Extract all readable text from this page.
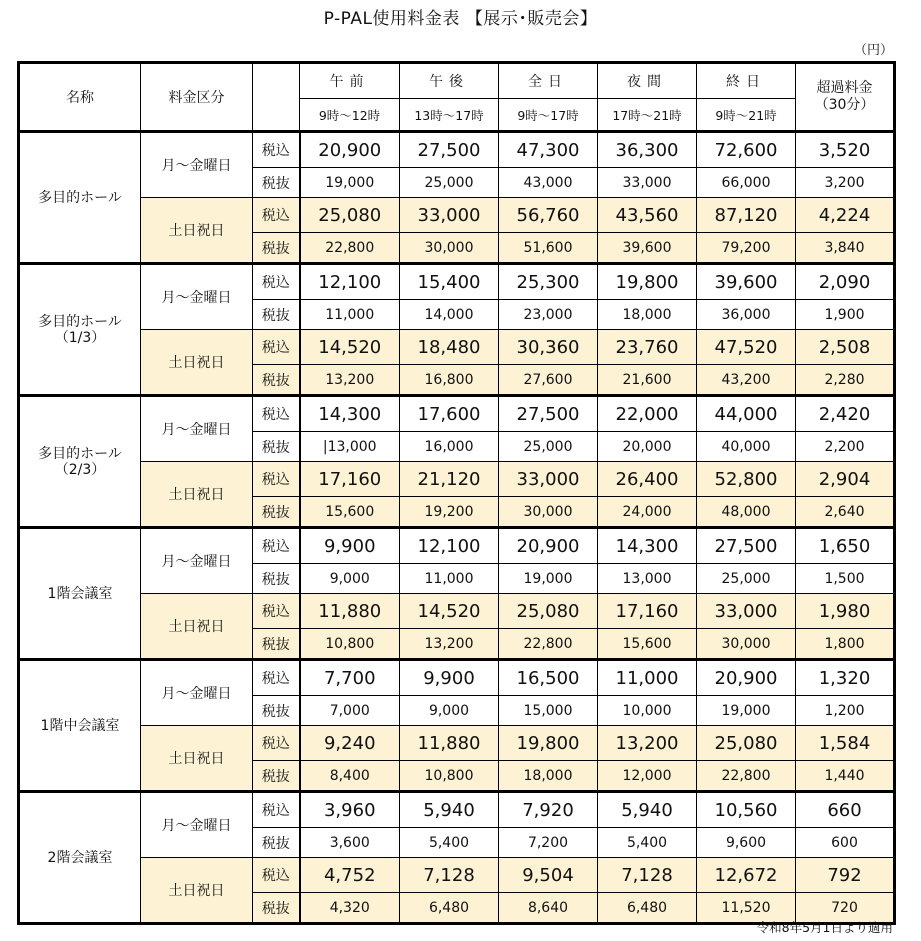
P-PAL使用料金表 【展示･販売会】
（円）
名称	料金区分		午前	午後	全日	夜間	終日	超過料金
（30分）

			9時～12時	13時～17時	9時～17時	17時～21時	9時～21時	

多目的ホール	月～金曜日	税込	20,900	27,500	47,300	36,300	72,600	3,520
		税抜	19,000	25,000	43,000	33,000	66,000	3,200
	土日祝日	税込	25,080	33,000	56,760	43,560	87,120	4,224
		税抜	22,800	30,000	51,600	39,600	79,200	3,840

多目的ホール
（1/3）	月～金曜日	税込	12,100	15,400	25,300	19,800	39,600	2,090
		税抜	11,000	14,000	23,000	18,000	36,000	1,900
	土日祝日	税込	14,520	18,480	30,360	23,760	47,520	2,508
		税抜	13,200	16,800	27,600	21,600	43,200	2,280

多目的ホール
（2/3）	月～金曜日	税込	14,300	17,600	27,500	22,000	44,000	2,420
		税抜	|13,000	16,000	25,000	20,000	40,000	2,200
	土日祝日	税込	17,160	21,120	33,000	26,400	52,800	2,904
		税抜	15,600	19,200	30,000	24,000	48,000	2,640

1階会議室	月～金曜日	税込	9,900	12,100	20,900	14,300	27,500	1,650
		税抜	9,000	11,000	19,000	13,000	25,000	1,500
	土日祝日	税込	11,880	14,520	25,080	17,160	33,000	1,980
		税抜	10,800	13,200	22,800	15,600	30,000	1,800

1階中会議室	月～金曜日	税込	7,700	9,900	16,500	11,000	20,900	1,320
		税抜	7,000	9,000	15,000	10,000	19,000	1,200
	土日祝日	税込	9,240	11,880	19,800	13,200	25,080	1,584
		税抜	8,400	10,800	18,000	12,000	22,800	1,440

2階会議室	月～金曜日	税込	3,960	5,940	7,920	5,940	10,560	660
		税抜	3,600	5,400	7,200	5,400	9,600	600
	土日祝日	税込	4,752	7,128	9,504	7,128	12,672	792
		税抜	4,320	6,480	8,640	6,480	11,520	720
令和8年5月1日より適用
